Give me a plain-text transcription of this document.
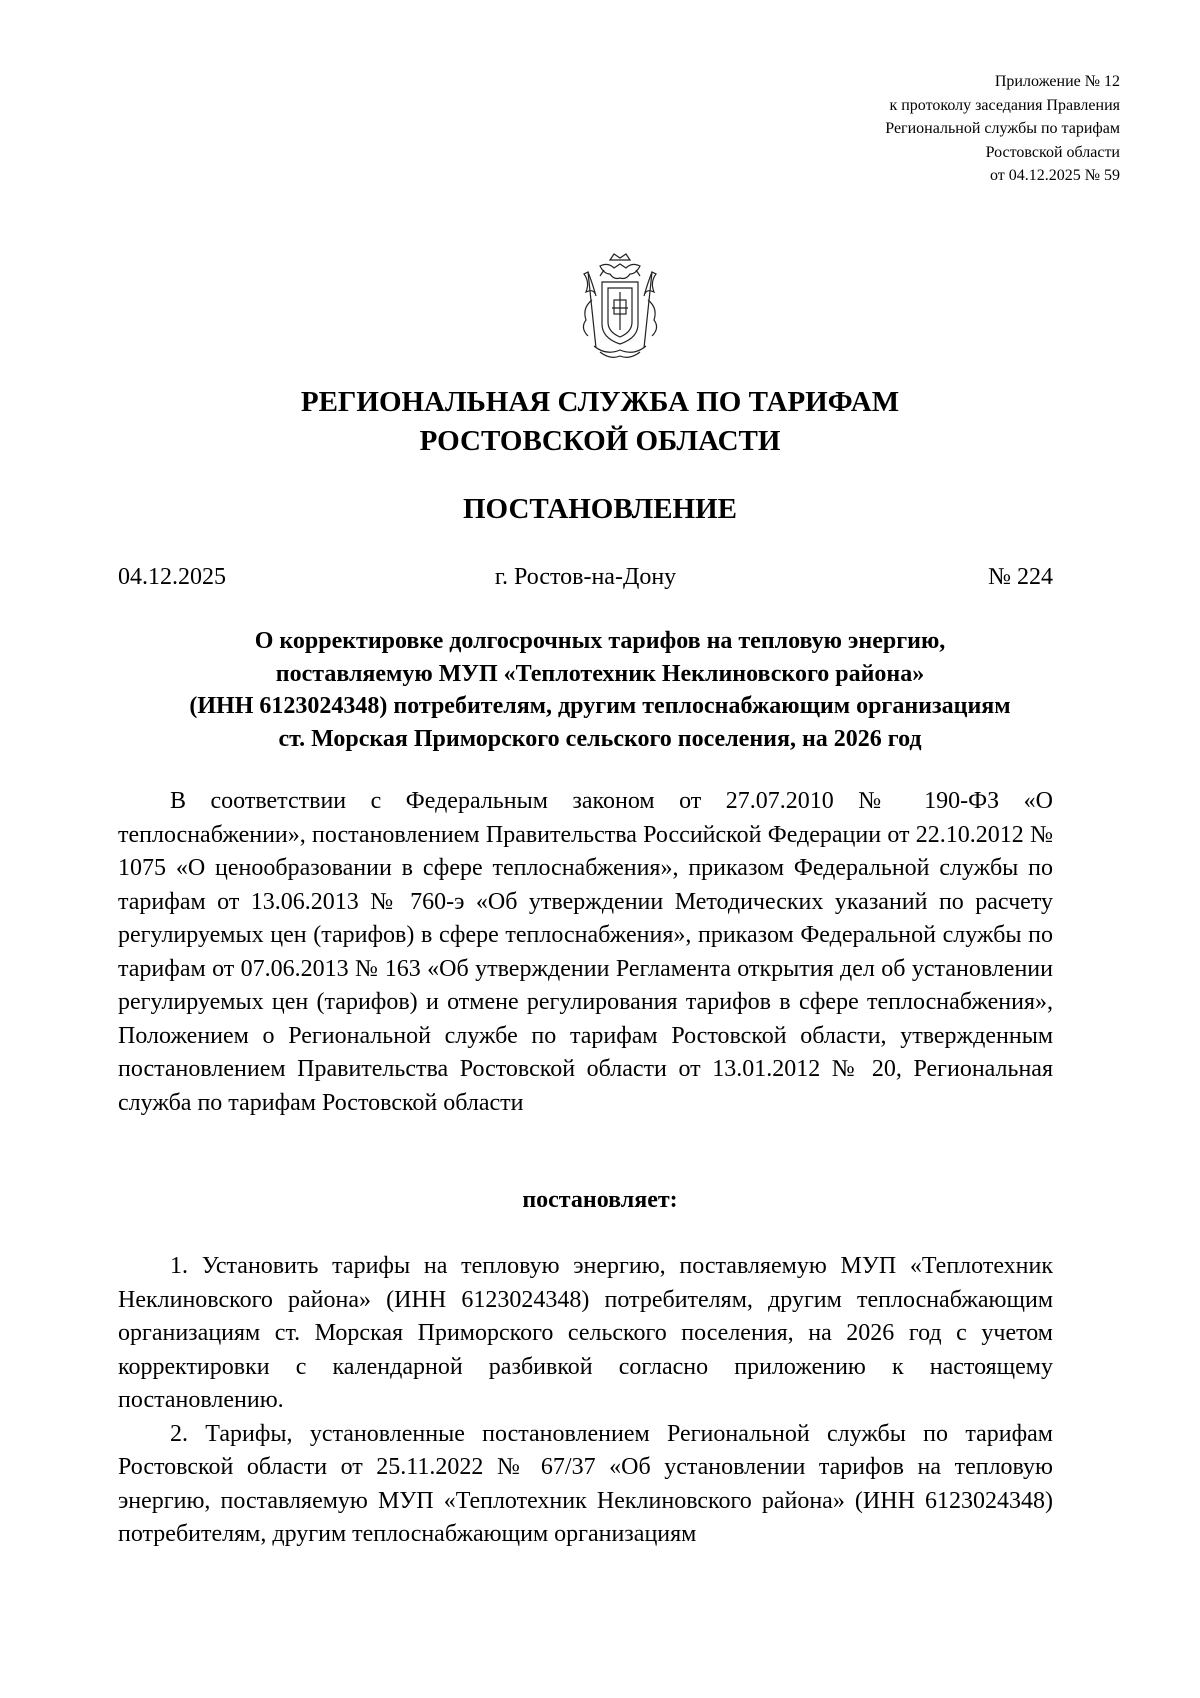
Приложение № 12
к протоколу заседания Правления
Региональной службы по тарифам
Ростовской области
от 04.12.2025 № 59
РЕГИОНАЛЬНАЯ СЛУЖБА ПО ТАРИФАМ
РОСТОВСКОЙ ОБЛАСТИ
ПОСТАНОВЛЕНИЕ
г. Ростов-на-Дону
04.12.2025	№ 224
О корректировке долгосрочных тарифов на тепловую энергию,
поставляемую МУП «Теплотехник Неклиновского района»
(ИНН 6123024348) потребителям, другим теплоснабжающим организациям
ст. Морская Приморского сельского поселения, на 2026 год

В соответствии с Федеральным законом от 27.07.2010 № 190-ФЗ «О теплоснабжении», постановлением Правительства Российской Федерации от 22.10.2012 № 1075 «О ценообразовании в сфере теплоснабжения», приказом Федеральной службы по тарифам от 13.06.2013 № 760-э «Об утверждении Методических указаний по расчету регулируемых цен (тарифов) в сфере теплоснабжения», приказом Федеральной службы по тарифам от 07.06.2013 № 163 «Об утверждении Регламента открытия дел об установлении регулируемых цен (тарифов) и отмене регулирования тарифов в сфере теплоснабжения», Положением о Региональной службе по тарифам Ростовской области, утвержденным постановлением Правительства Ростовской области от 13.01.2012 № 20, Региональная служба по тарифам Ростовской области

постановляет:

1. Установить тарифы на тепловую энергию, поставляемую МУП «Теплотехник Неклиновского района» (ИНН 6123024348) потребителям, другим теплоснабжающим организациям ст. Морская Приморского сельского поселения, на 2026 год с учетом корректировки с календарной разбивкой согласно приложению к настоящему постановлению.

2. Тарифы, установленные постановлением Региональной службы по тарифам Ростовской области от 25.11.2022 № 67/37 «Об установлении тарифов на тепловую энергию, поставляемую МУП «Теплотехник Неклиновского района» (ИНН 6123024348) потребителям, другим теплоснабжающим организациям
